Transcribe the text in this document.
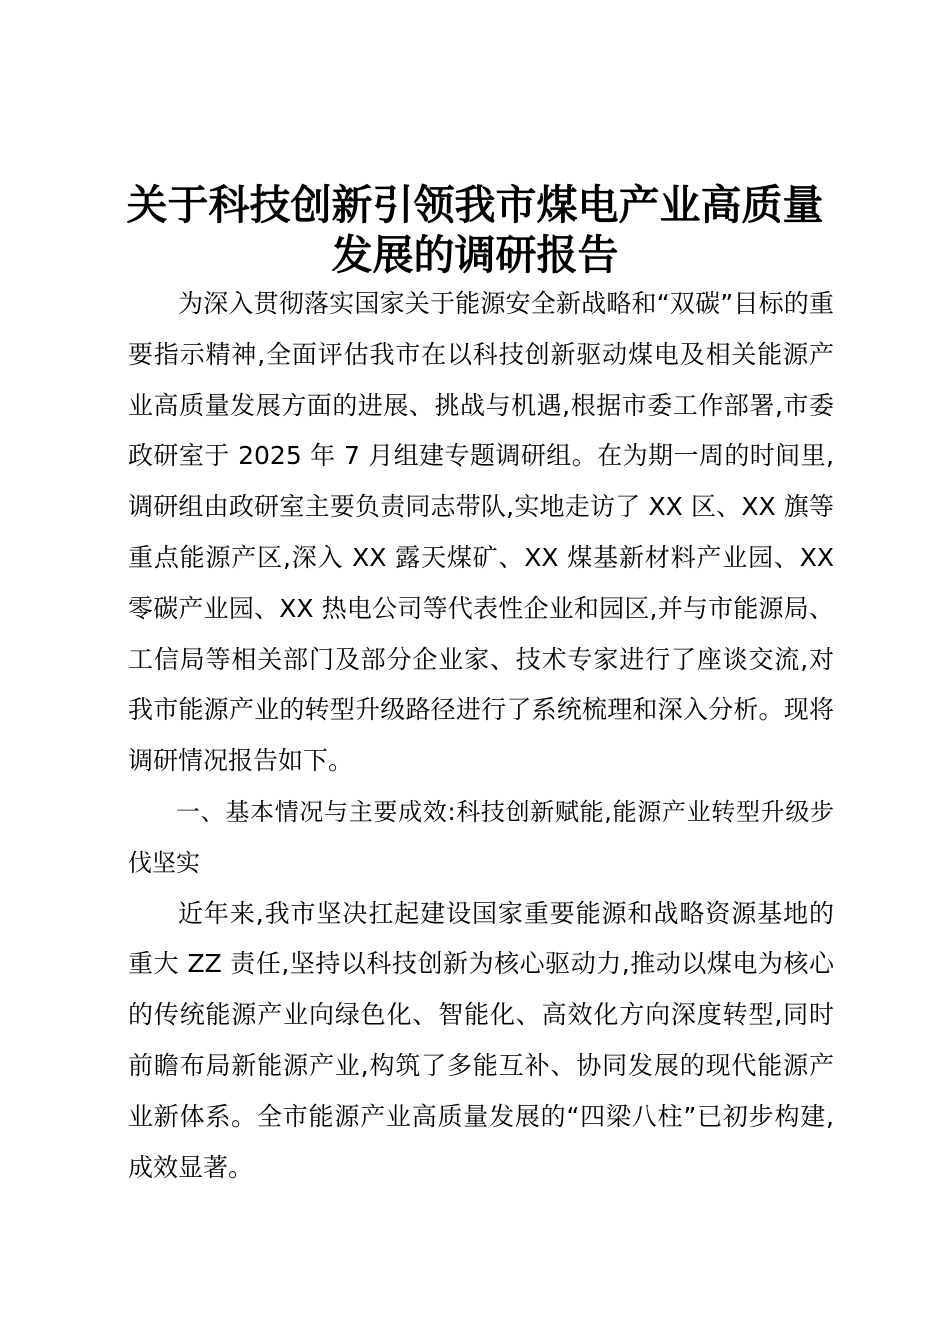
关于科技创新引领我市煤电产业高质量
发展的调研报告

为深入贯彻落实国家关于能源安全新战略和“双碳”目标的重要指示精神,全面评估我市在以科技创新驱动煤电及相关能源产业高质量发展方面的进展、挑战与机遇,根据市委工作部署,市委政研室于 2025 年 7 月组建专题调研组。在为期一周的时间里,调研组由政研室主要负责同志带队,实地走访了 XX 区、XX 旗等重点能源产区,深入 XX 露天煤矿、XX 煤基新材料产业园、XX 零碳产业园、XX 热电公司等代表性企业和园区,并与市能源局、工信局等相关部门及部分企业家、技术专家进行了座谈交流,对我市能源产业的转型升级路径进行了系统梳理和深入分析。现将调研情况报告如下。

一、基本情况与主要成效:科技创新赋能,能源产业转型升级步伐坚实

近年来,我市坚决扛起建设国家重要能源和战略资源基地的重大 ZZ 责任,坚持以科技创新为核心驱动力,推动以煤电为核心的传统能源产业向绿色化、智能化、高效化方向深度转型,同时前瞻布局新能源产业,构筑了多能互补、协同发展的现代能源产业新体系。全市能源产业高质量发展的“四梁八柱”已初步构建,成效显著。
